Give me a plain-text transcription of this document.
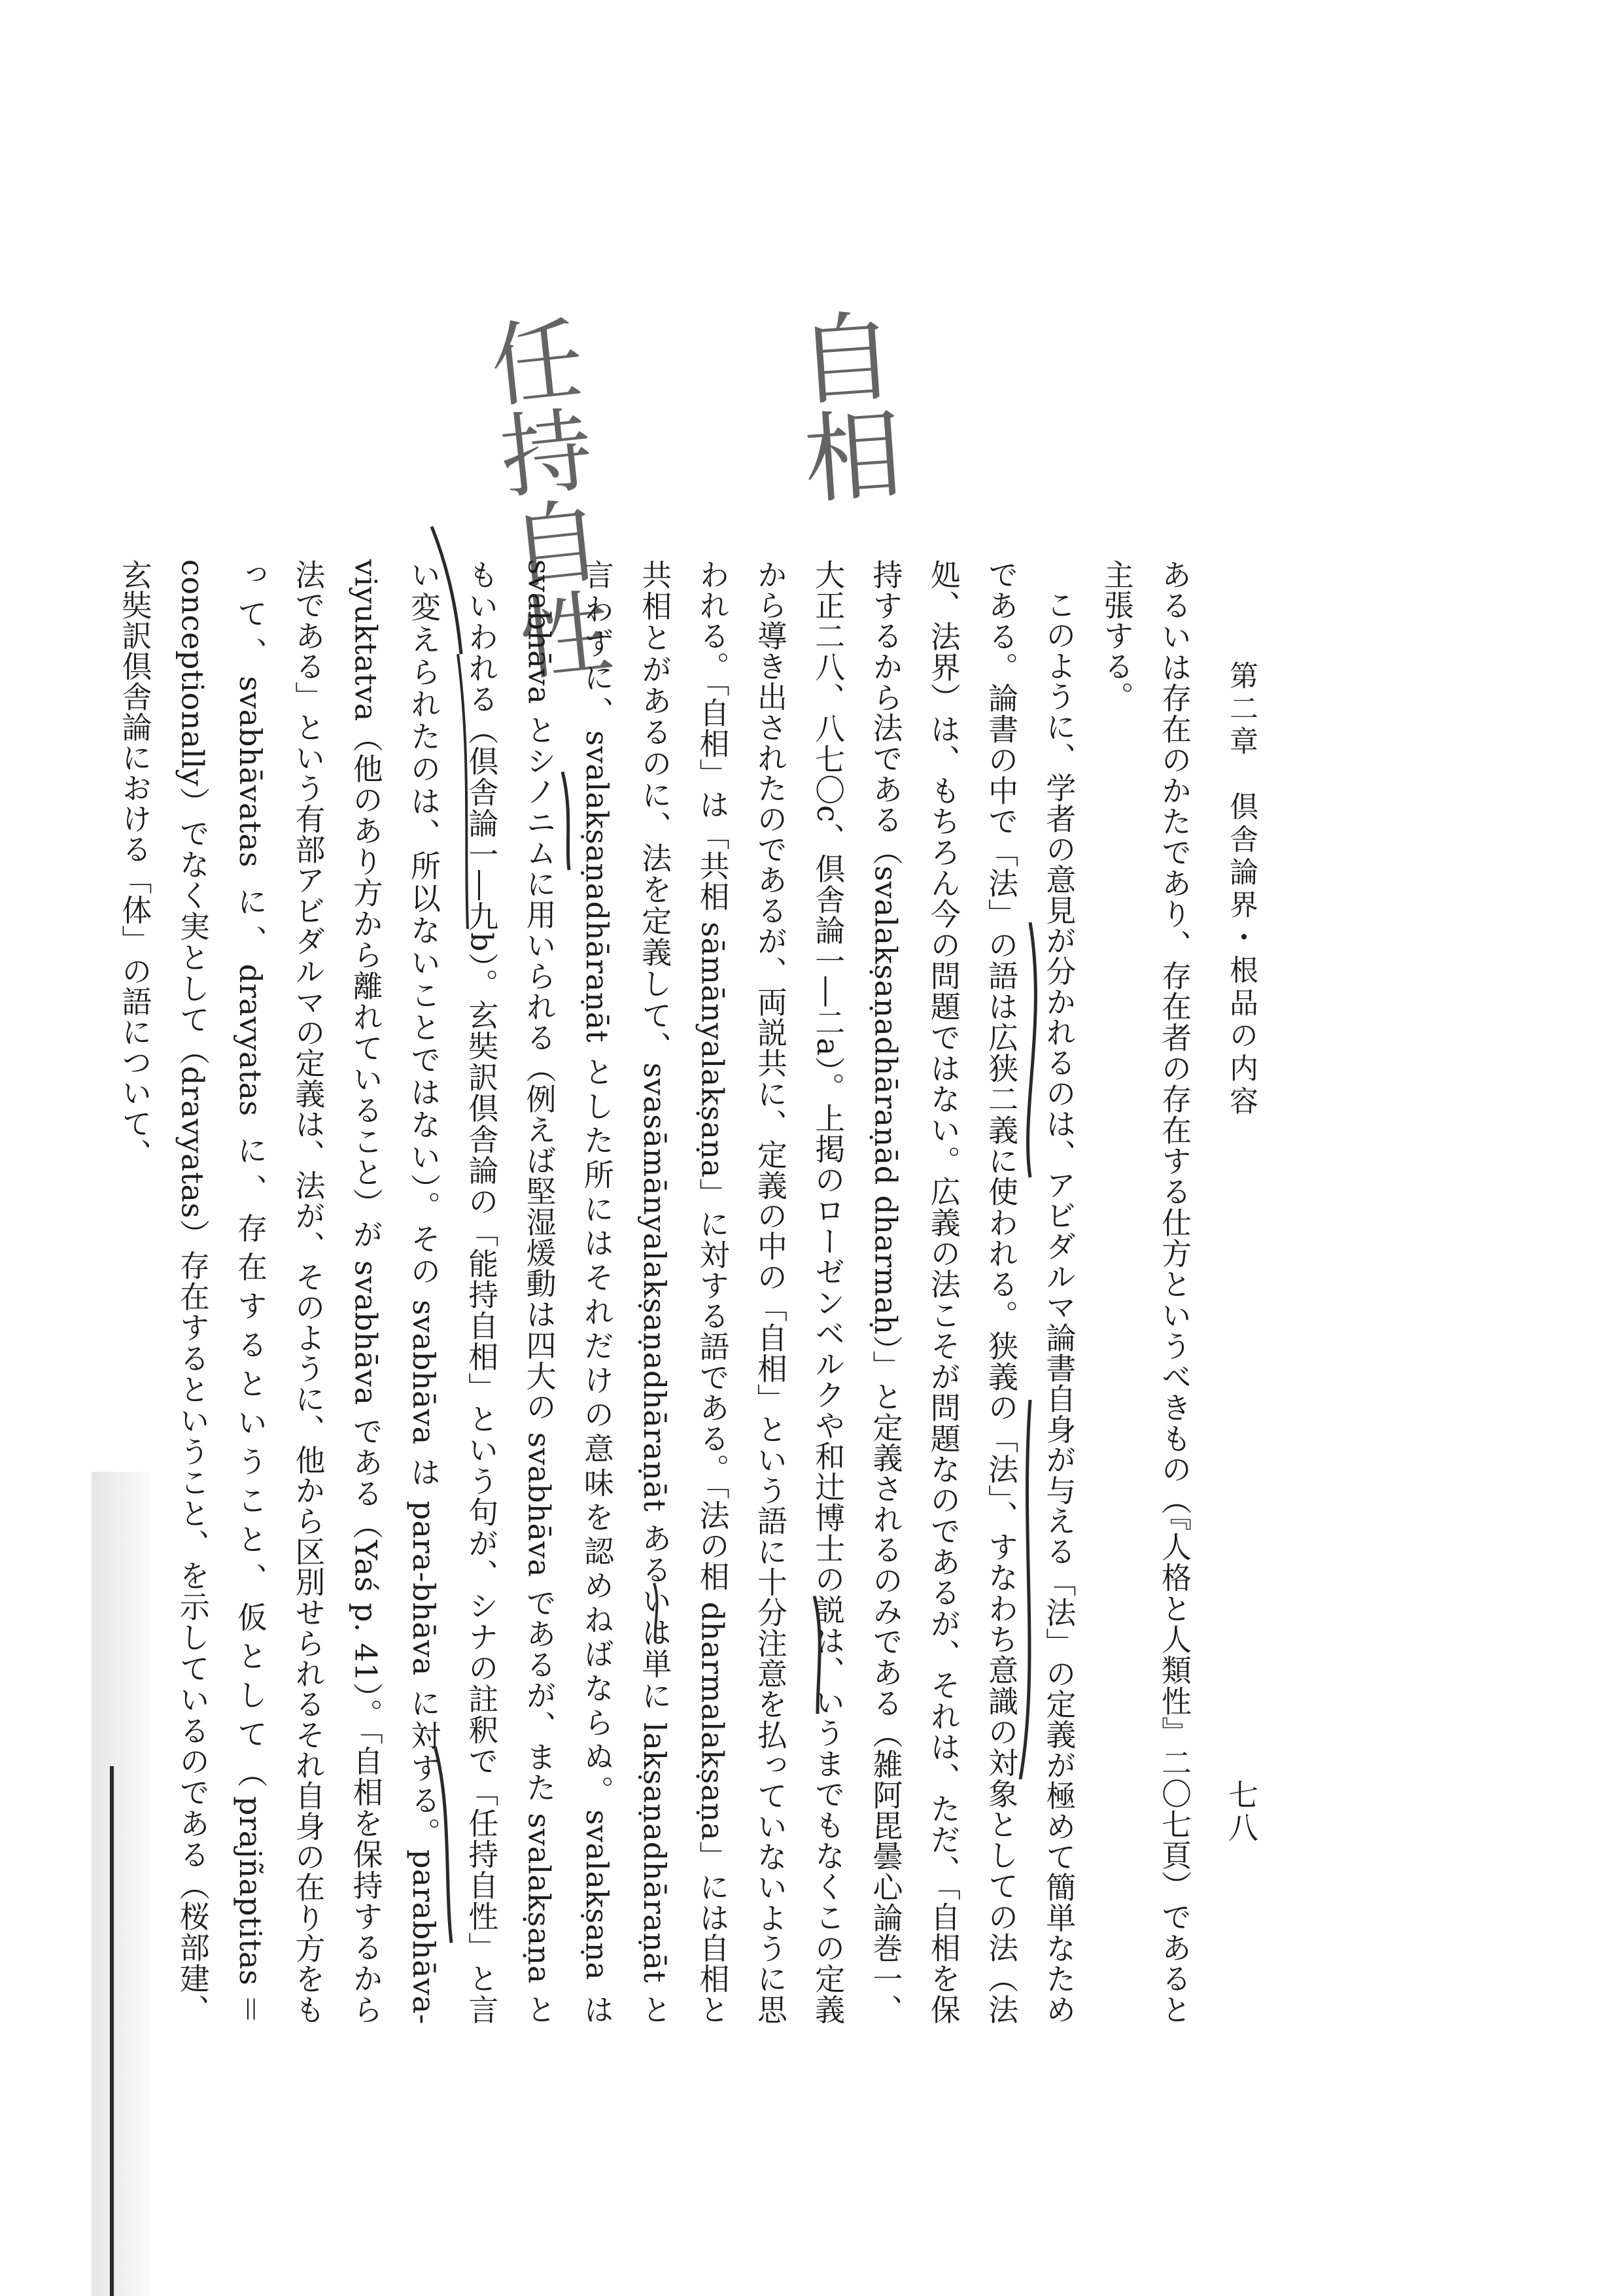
第二章　倶舎論界・根品の内容
七八
自相
任持自性

あるいは存在のかたであり、存在者の存在する仕方というべきもの（『人格と人類性』二〇七頁）であると主張する。

このように、学者の意見が分かれるのは、アビダルマ論書自身が与える「法」の定義が極めて簡単なためである。論書の中で「法」の語は広狭二義に使われる。狭義の「法」、すなわち意識の対象としての法（法処、法界）は、もちろん今の問題ではない。広義の法こそが問題なのであるが、それは、ただ、「自相を保持するから法である（svalakṣaṇadhāraṇād dharmaḥ）」と定義されるのみである（雑阿毘曇心論巻一、大正二八、八七〇c、倶舎論一―二a）。上掲のローゼンベルクや和辻博士の説は、いうまでもなくこの定義から導き出されたのであるが、両説共に、定義の中の「自相」という語に十分注意を払っていないように思われる。「自相」は「共相 sāmānyalakṣaṇa」に対する語である。「法の相 dharmalakṣaṇa」には自相と共相とがあるのに、法を定義して、svasāmānyalakṣaṇadhāraṇāt あるいは単に lakṣaṇadhāraṇāt と言わずに、svalakṣaṇadhāraṇāt とした所にはそれだけの意味を認めねばならぬ。svalakṣaṇa は svabhāva とシノニムに用いられる（例えば堅湿煖動は四大の svabhāva であるが、また svalakṣaṇa ともいわれる（倶舎論一―九b）。玄奘訳倶舎論の「能持自相」という句が、シナの註釈で「任持自性」と言い変えられたのは、所以ないことではない）。その svabhāva は para-bhāva に対する。parabhāva-viyuktatva（他のあり方から離れていること）が svabhāva である（Yaś p. 41）。「自相を保持するから法である」という有部アビダルマの定義は、法が、そのように、他から区別せられるそれ自身の在り方をもって、svabhāvatas に、dravyatas に、存在するということ、仮として（prajñaptitas＝conceptionally）でなく実として（dravyatas）存在するということ、を示しているのである（桜部建、玄奘訳倶舎論における「体」の語について、
